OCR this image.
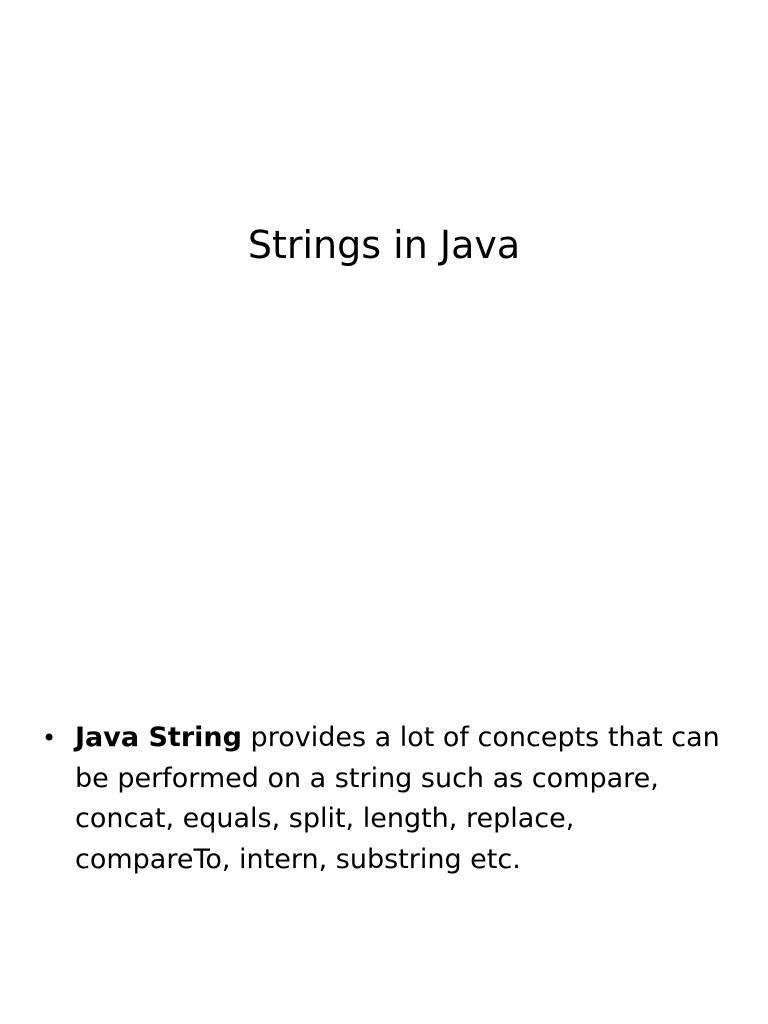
Strings in Java
• Java String provides a lot of concepts that can be performed on a string such as compare, concat, equals, split, length, replace, compareTo, intern, substring etc.
